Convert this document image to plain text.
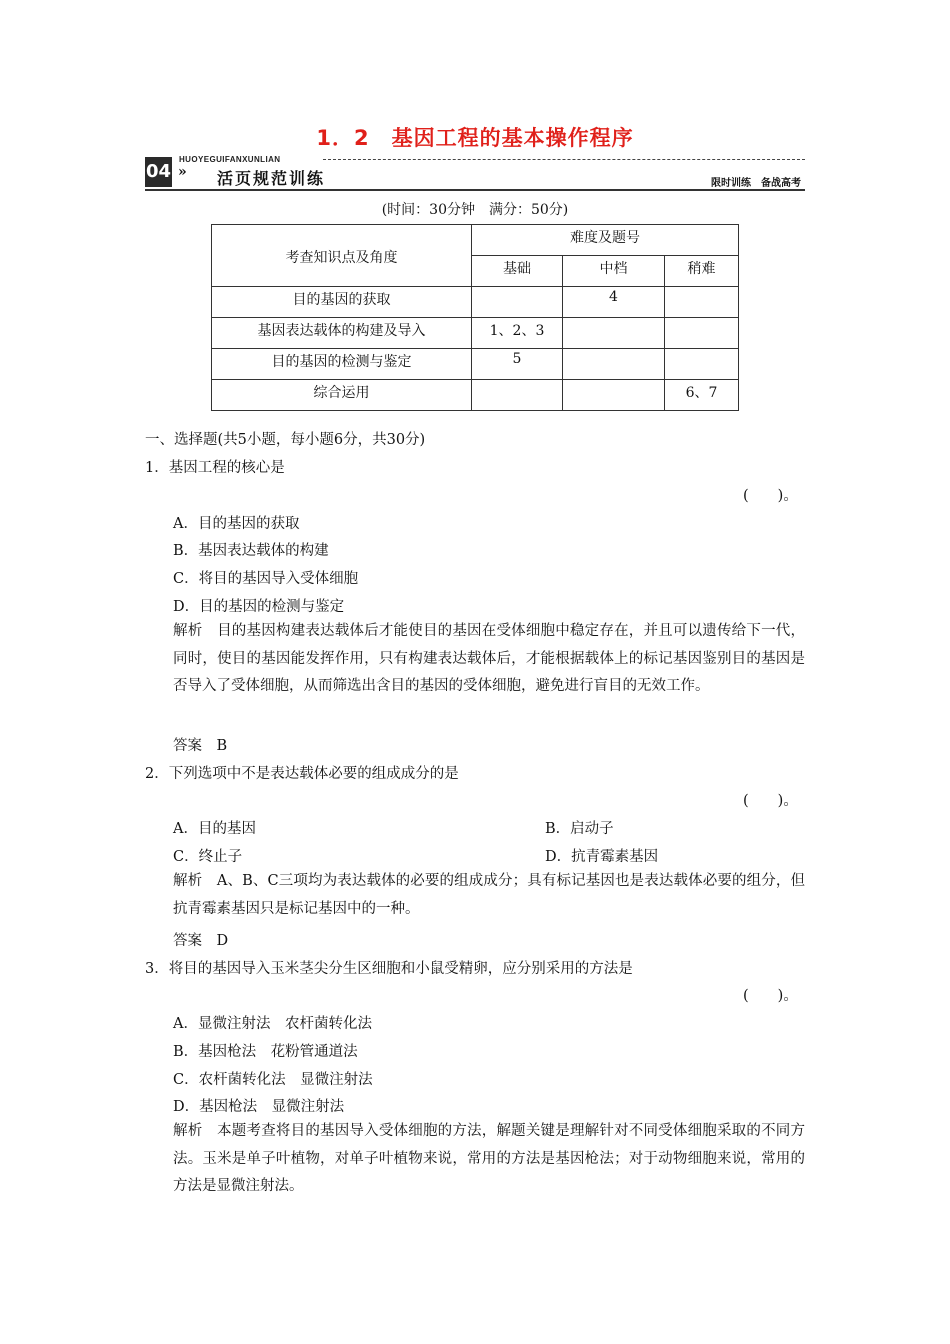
1．2　基因工程的基本操作程序
HUOYEGUIFANXUNLIAN
04 » 活页规范训练	限时训练　备战高考
(时间：30分钟　满分：50分)
考查知识点及角度	难度及题号		
	基础	中档	稍难
目的基因的获取		4	
基因表达载体的构建及导入	1、2、3		
目的基因的检测与鉴定	5		
综合运用			6、7
一、选择题(共5小题，每小题6分，共30分)
1．基因工程的核心是
(　　)。
A．目的基因的获取
B．基因表达载体的构建
C．将目的基因导入受体细胞
D．目的基因的检测与鉴定
解析　目的基因构建表达载体后才能使目的基因在受体细胞中稳定存在，并且可以遗传给下一代，同时，使目的基因能发挥作用，只有构建表达载体后，才能根据载体上的标记基因鉴别目的基因是否导入了受体细胞，从而筛选出含目的基因的受体细胞，避免进行盲目的无效工作。
答案　B
2．下列选项中不是表达载体必要的组成成分的是
(　　)。
A．目的基因	B．启动子
C．终止子	D．抗青霉素基因
解析　A、B、C三项均为表达载体的必要的组成成分；具有标记基因也是表达载体必要的组分，但抗青霉素基因只是标记基因中的一种。
答案　D
3．将目的基因导入玉米茎尖分生区细胞和小鼠受精卵，应分别采用的方法是
(　　)。
A．显微注射法　农杆菌转化法
B．基因枪法　花粉管通道法
C．农杆菌转化法　显微注射法
D．基因枪法　显微注射法
解析　本题考查将目的基因导入受体细胞的方法，解题关键是理解针对不同受体细胞采取的不同方法。玉米是单子叶植物，对单子叶植物来说，常用的方法是基因枪法；对于动物细胞来说，常用的方法是显微注射法。
